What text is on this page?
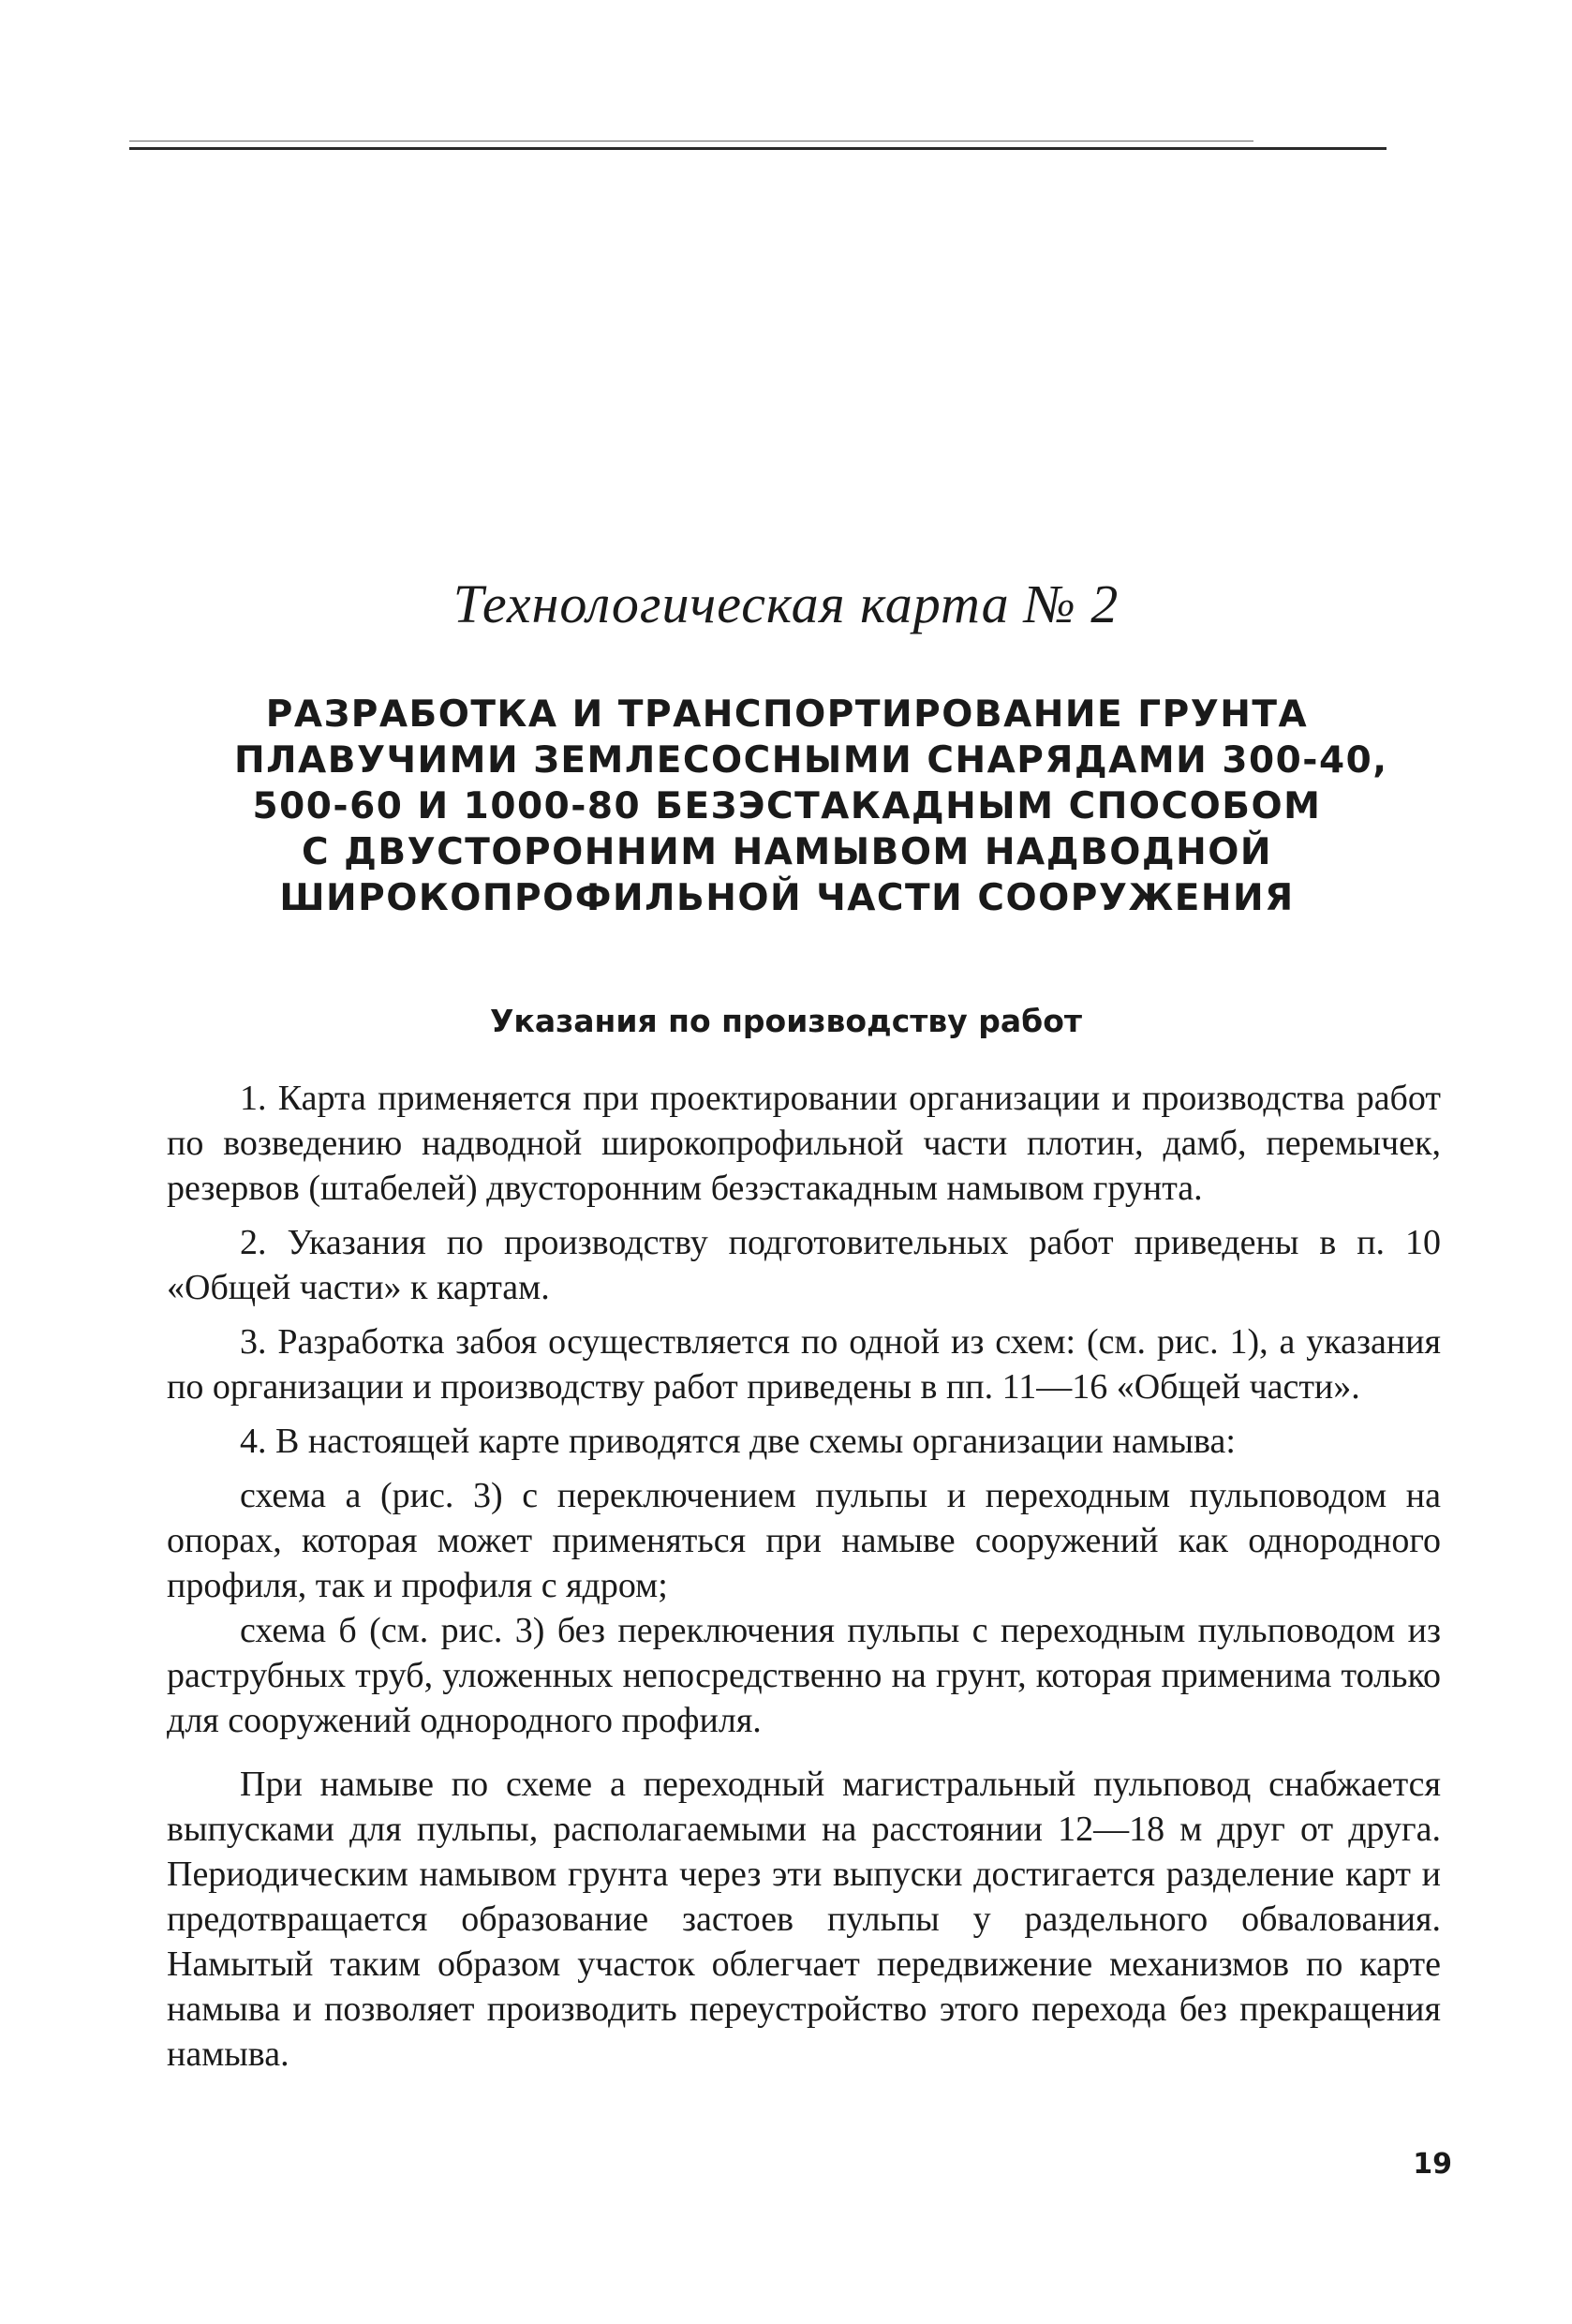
Технологическая карта № 2
РАЗРАБОТКА И ТРАНСПОРТИРОВАНИЕ ГРУНТА
ПЛАВУЧИМИ ЗЕМЛЕСОСНЫМИ СНАРЯДАМИ 300-40,
500-60 И 1000-80 БЕЗЭСТАКАДНЫМ СПОСОБОМ
С ДВУСТОРОННИМ НАМЫВОМ НАДВОДНОЙ
ШИРОКОПРОФИЛЬНОЙ ЧАСТИ СООРУЖЕНИЯ
Указания по производству работ

1. Карта применяется при проектировании организации и производства работ по возведению надводной широкопрофильной части плотин, дамб, перемычек, резервов (штабелей) двусторонним безэстакадным намывом грунта.

2. Указания по производству подготовительных работ приведены в п. 10 «Общей части» к картам.

3. Разработка забоя осуществляется по одной из схем: (см. рис. 1), а указания по организации и производству работ приведены в пп. 11—16 «Общей части».

4. В настоящей карте приводятся две схемы организации намыва:

схема а (рис. 3) с переключением пульпы и переходным пульповодом на опорах, которая может применяться при намыве сооружений как однородного профиля, так и профиля с ядром;

схема б (см. рис. 3) без переключения пульпы с переходным пульповодом из раструбных труб, уложенных непосредственно на грунт, которая применима только для сооружений однородного профиля.

При намыве по схеме а переходный магистральный пульповод снабжается выпусками для пульпы, располагаемыми на расстоянии 12—18 м друг от друга. Периодическим намывом грунта через эти выпуски достигается разделение карт и предотвращается образование застоев пульпы у раздельного обвалования. Намытый таким образом участок облегчает передвижение механизмов по карте намыва и позволяет производить переустройство этого перехода без прекращения намыва.

19
